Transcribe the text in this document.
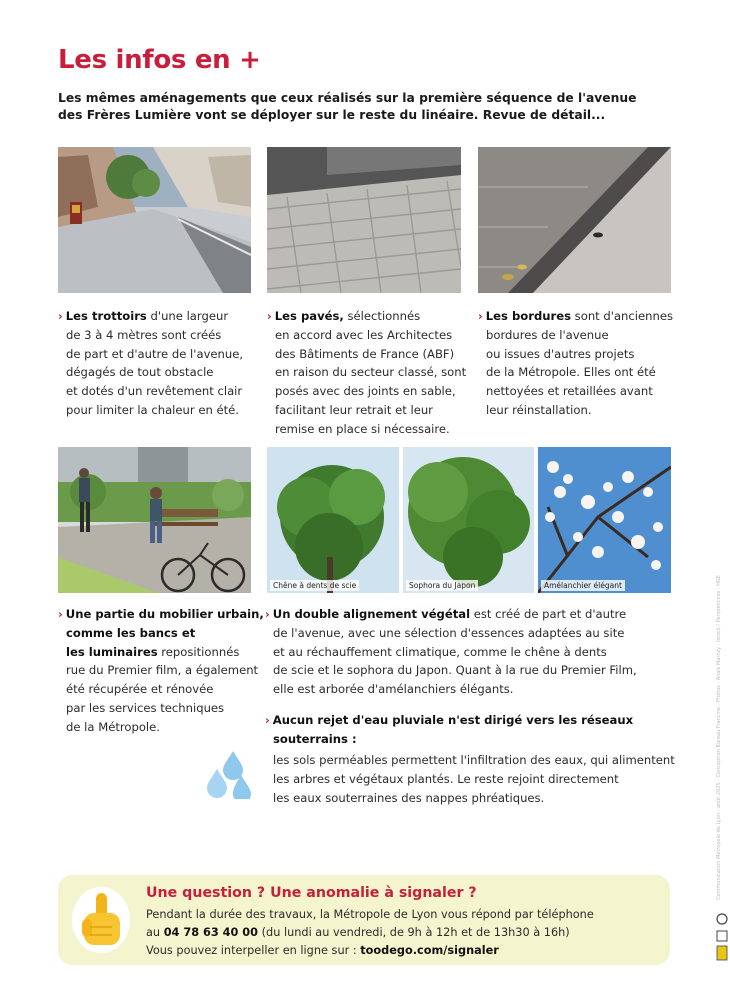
Les infos en +
Les mêmes aménagements que ceux réalisés sur la première séquence de l'avenue
des Frères Lumière vont se déployer sur le reste du linéaire. Revue de détail...
› Les trottoirs d'une largeur
de 3 à 4 mètres sont créés
de part et d'autre de l'avenue,
dégagés de tout obstacle
et dotés d'un revêtement clair
pour limiter la chaleur en été.
› Les pavés, sélectionnés
en accord avec les Architectes
des Bâtiments de France (ABF)
en raison du secteur classé, sont
posés avec des joints en sable,
facilitant leur retrait et leur
remise en place si nécessaire.
› Les bordures sont d'anciennes
bordures de l'avenue
ou issues d'autres projets
de la Métropole. Elles ont été
nettoyées et retaillées avant
leur réinstallation.
Chêne à dents de scie	Sophora du Japon	Amélanchier élégant
› Une partie du mobilier urbain,
comme les bancs et
les luminaires repositionnés
rue du Premier film, a également
été récupérée et rénovée
par les services techniques
de la Métropole.
› Un double alignement végétal est créé de part et d'autre
de l'avenue, avec une sélection d'essences adaptées au site
et au réchauffement climatique, comme le chêne à dents
de scie et le sophora du Japon. Quant à la rue du Premier Film,
elle est arborée d'amélanchiers élégants.
› Aucun rejet d'eau pluviale n'est dirigé vers les réseaux
souterrains :
les sols perméables permettent l'infiltration des eaux, qui alimentent
les arbres et végétaux plantés. Le reste rejoint directement
les eaux souterraines des nappes phréatiques.
Une question ? Une anomalie à signaler ?
Pendant la durée des travaux, la Métropole de Lyon vous répond par téléphone
au 04 78 63 40 00 (du lundi au vendredi, de 9h à 12h et de 13h30 à 16h)
Vous pouvez interpeller en ligne sur : toodego.com/signaler
Communication Métropole de Lyon - août 2025 - Conception Bureau Francine - Photos : Anaïs Marcey - Istock / Perspectives : HGE
